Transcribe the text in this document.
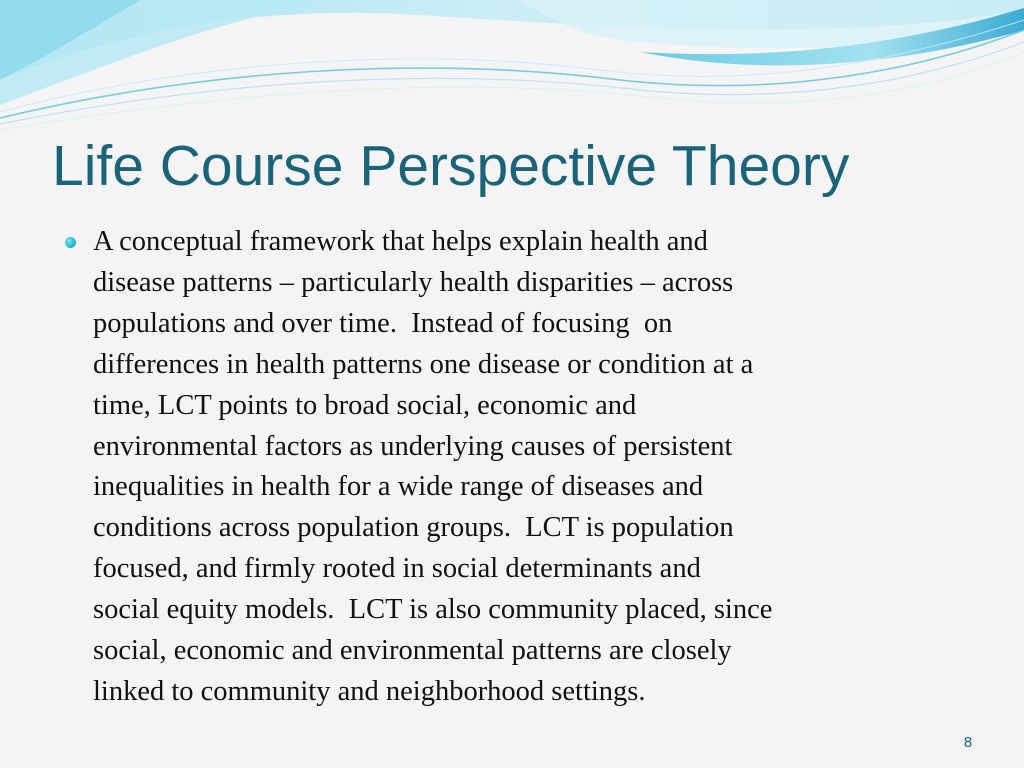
Life Course Perspective Theory
A conceptual framework that helps explain health and
disease patterns – particularly health disparities – across
populations and over time.  Instead of focusing  on
differences in health patterns one disease or condition at a
time, LCT points to broad social, economic and
environmental factors as underlying causes of persistent
inequalities in health for a wide range of diseases and
conditions across population groups.  LCT is population
focused, and firmly rooted in social determinants and
social equity models.  LCT is also community placed, since
social, economic and environmental patterns are closely
linked to community and neighborhood settings.
8
